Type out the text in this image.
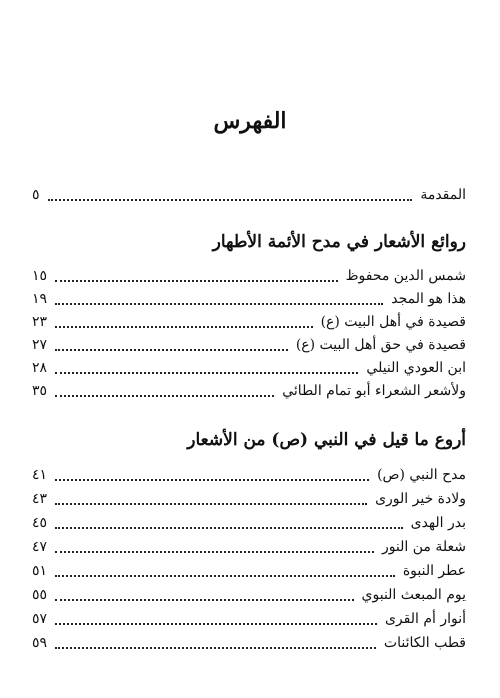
الفهرس
المقدمة
٥
روائع الأشعار في مدح الأئمة الأطهار
شمس الدين محفوظ
١٥
هذا هو المجد
١٩
قصيدة في أهل البيت (ع)
٢٣
قصيدة في حق أهل البيت (ع)
٢٧
ابن العودي النيلي
٢٨
ولأشعر الشعراء أبو تمام الطائي
٣٥
أروع ما قيل في النبي (ص) من الأشعار
مدح النبي (ص)
٤١
ولادة خير الورى
٤٣
بدر الهدى
٤٥
شعلة من النور
٤٧
عطر النبوة
٥١
يوم المبعث النبوي
٥٥
أنوار أم القرى
٥٧
قطب الكائنات
٥٩
